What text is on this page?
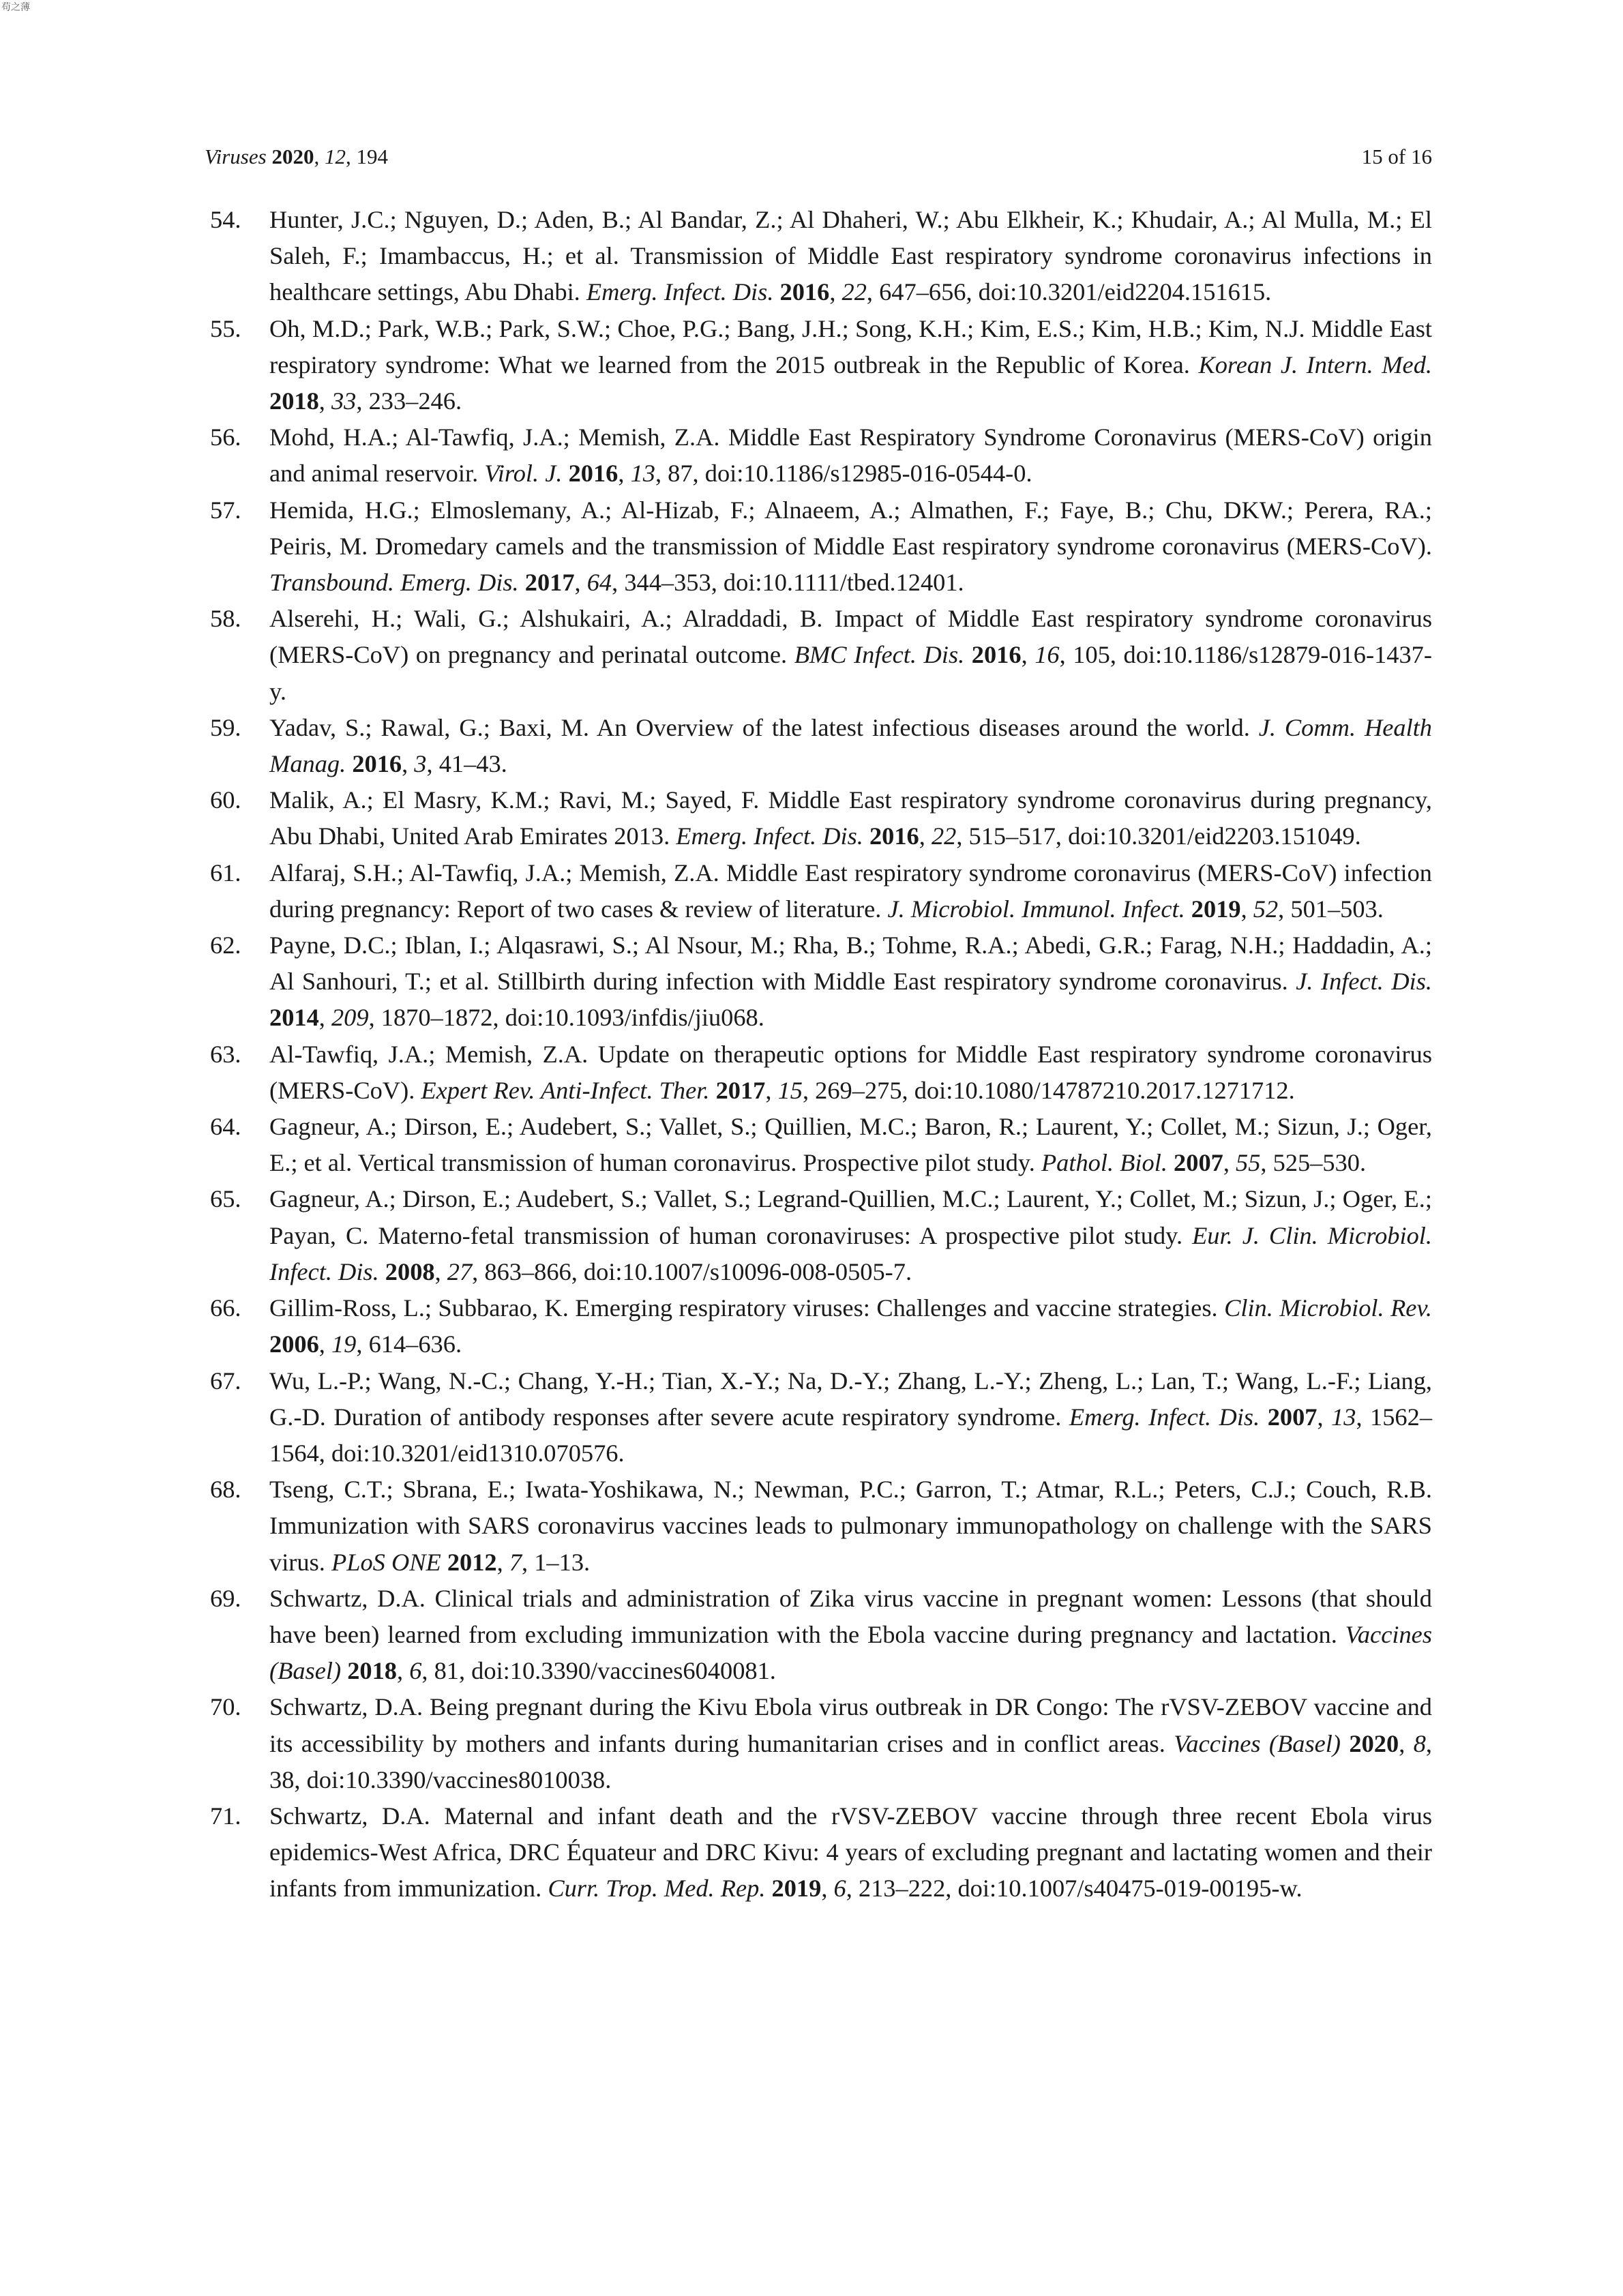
苟之薄
Viruses 2020, 12, 194	15 of 16
54. Hunter, J.C.; Nguyen, D.; Aden, B.; Al Bandar, Z.; Al Dhaheri, W.; Abu Elkheir, K.; Khudair, A.; Al Mulla, M.; El Saleh, F.; Imambaccus, H.; et al. Transmission of Middle East respiratory syndrome coronavirus infections in healthcare settings, Abu Dhabi. Emerg. Infect. Dis. 2016, 22, 647–656, doi:10.3201/eid2204.151615.
55. Oh, M.D.; Park, W.B.; Park, S.W.; Choe, P.G.; Bang, J.H.; Song, K.H.; Kim, E.S.; Kim, H.B.; Kim, N.J. Middle East respiratory syndrome: What we learned from the 2015 outbreak in the Republic of Korea. Korean J. Intern. Med. 2018, 33, 233–246.
56. Mohd, H.A.; Al-Tawfiq, J.A.; Memish, Z.A. Middle East Respiratory Syndrome Coronavirus (MERS-CoV) origin and animal reservoir. Virol. J. 2016, 13, 87, doi:10.1186/s12985-016-0544-0.
57. Hemida, H.G.; Elmoslemany, A.; Al-Hizab, F.; Alnaeem, A.; Almathen, F.; Faye, B.; Chu, DKW.; Perera, RA.; Peiris, M. Dromedary camels and the transmission of Middle East respiratory syndrome coronavirus (MERS-CoV). Transbound. Emerg. Dis. 2017, 64, 344–353, doi:10.1111/tbed.12401.
58. Alserehi, H.; Wali, G.; Alshukairi, A.; Alraddadi, B. Impact of Middle East respiratory syndrome coronavirus (MERS-CoV) on pregnancy and perinatal outcome. BMC Infect. Dis. 2016, 16, 105, doi:10.1186/s12879-016-1437-y.
59. Yadav, S.; Rawal, G.; Baxi, M. An Overview of the latest infectious diseases around the world. J. Comm. Health Manag. 2016, 3, 41–43.
60. Malik, A.; El Masry, K.M.; Ravi, M.; Sayed, F. Middle East respiratory syndrome coronavirus during pregnancy, Abu Dhabi, United Arab Emirates 2013. Emerg. Infect. Dis. 2016, 22, 515–517, doi:10.3201/eid2203.151049.
61. Alfaraj, S.H.; Al-Tawfiq, J.A.; Memish, Z.A. Middle East respiratory syndrome coronavirus (MERS-CoV) infection during pregnancy: Report of two cases & review of literature. J. Microbiol. Immunol. Infect. 2019, 52, 501–503.
62. Payne, D.C.; Iblan, I.; Alqasrawi, S.; Al Nsour, M.; Rha, B.; Tohme, R.A.; Abedi, G.R.; Farag, N.H.; Haddadin, A.; Al Sanhouri, T.; et al. Stillbirth during infection with Middle East respiratory syndrome coronavirus. J. Infect. Dis. 2014, 209, 1870–1872, doi:10.1093/infdis/jiu068.
63. Al-Tawfiq, J.A.; Memish, Z.A. Update on therapeutic options for Middle East respiratory syndrome coronavirus (MERS-CoV). Expert Rev. Anti-Infect. Ther. 2017, 15, 269–275, doi:10.1080/14787210.2017.1271712.
64. Gagneur, A.; Dirson, E.; Audebert, S.; Vallet, S.; Quillien, M.C.; Baron, R.; Laurent, Y.; Collet, M.; Sizun, J.; Oger, E.; et al. Vertical transmission of human coronavirus. Prospective pilot study. Pathol. Biol. 2007, 55, 525–530.
65. Gagneur, A.; Dirson, E.; Audebert, S.; Vallet, S.; Legrand-Quillien, M.C.; Laurent, Y.; Collet, M.; Sizun, J.; Oger, E.; Payan, C. Materno-fetal transmission of human coronaviruses: A prospective pilot study. Eur. J. Clin. Microbiol. Infect. Dis. 2008, 27, 863–866, doi:10.1007/s10096-008-0505-7.
66. Gillim-Ross, L.; Subbarao, K. Emerging respiratory viruses: Challenges and vaccine strategies. Clin. Microbiol. Rev. 2006, 19, 614–636.
67. Wu, L.-P.; Wang, N.-C.; Chang, Y.-H.; Tian, X.-Y.; Na, D.-Y.; Zhang, L.-Y.; Zheng, L.; Lan, T.; Wang, L.-F.; Liang, G.-D. Duration of antibody responses after severe acute respiratory syndrome. Emerg. Infect. Dis. 2007, 13, 1562–1564, doi:10.3201/eid1310.070576.
68. Tseng, C.T.; Sbrana, E.; Iwata-Yoshikawa, N.; Newman, P.C.; Garron, T.; Atmar, R.L.; Peters, C.J.; Couch, R.B. Immunization with SARS coronavirus vaccines leads to pulmonary immunopathology on challenge with the SARS virus. PLoS ONE 2012, 7, 1–13.
69. Schwartz, D.A. Clinical trials and administration of Zika virus vaccine in pregnant women: Lessons (that should have been) learned from excluding immunization with the Ebola vaccine during pregnancy and lactation. Vaccines (Basel) 2018, 6, 81, doi:10.3390/vaccines6040081.
70. Schwartz, D.A. Being pregnant during the Kivu Ebola virus outbreak in DR Congo: The rVSV-ZEBOV vaccine and its accessibility by mothers and infants during humanitarian crises and in conflict areas. Vaccines (Basel) 2020, 8, 38, doi:10.3390/vaccines8010038.
71. Schwartz, D.A. Maternal and infant death and the rVSV-ZEBOV vaccine through three recent Ebola virus epidemics-West Africa, DRC Équateur and DRC Kivu: 4 years of excluding pregnant and lactating women and their infants from immunization. Curr. Trop. Med. Rep. 2019, 6, 213–222, doi:10.1007/s40475-019-00195-w.
